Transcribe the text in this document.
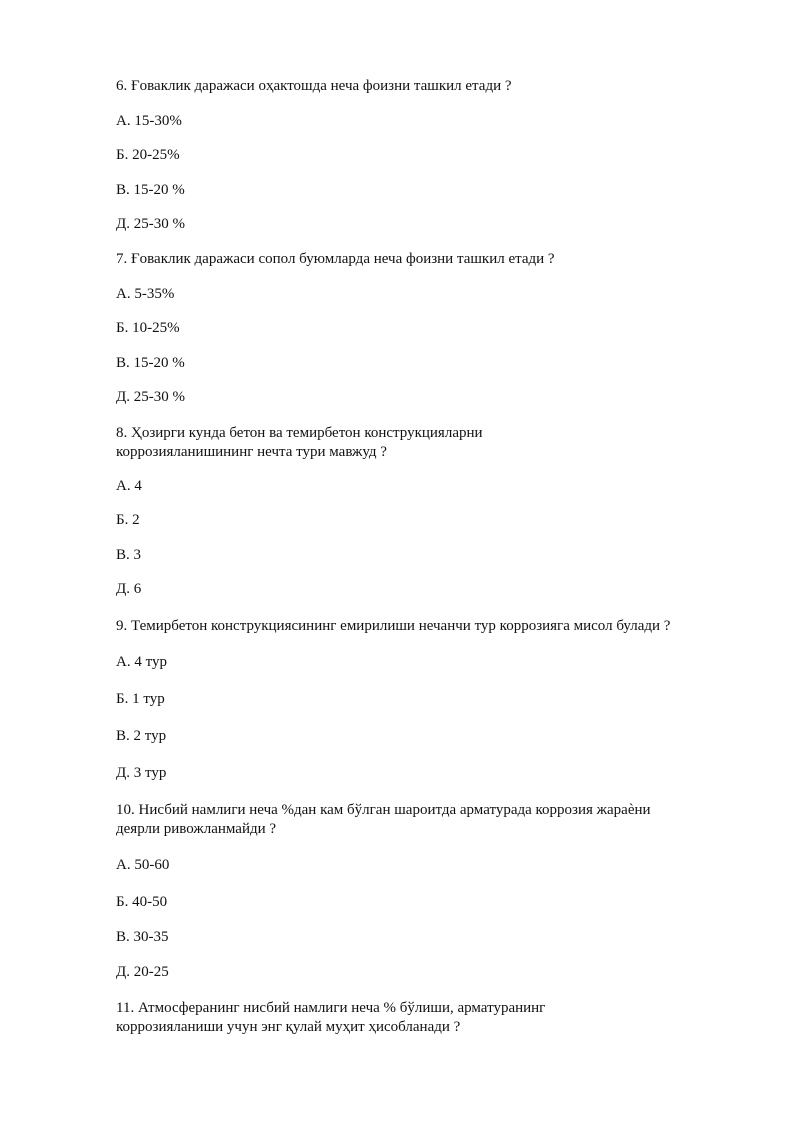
6. Ғоваклик даражаси оҳактошда неча фоизни ташкил етади ?
А. 15-30%
Б. 20-25%
В. 15-20 %
Д. 25-30 %
7. Ғоваклик даражаси сопол буюмларда неча фоизни ташкил етади ?
А. 5-35%
Б. 10-25%
В. 15-20 %
Д. 25-30 %
8. Ҳозирги кунда бетон ва темирбетон конструкцияларни
коррозияланишининг нечта тури мавжуд ?
А. 4
Б. 2
В. 3
Д. 6
9. Темирбетон конструкциясининг емирилиши нечанчи тур коррозияга мисол булади ?
А. 4 тур
Б. 1 тур
В. 2 тур
Д. 3 тур
10. Нисбий намлиги неча %дан кам бўлган шароитда арматурада коррозия жараѐни
деярли ривожланмайди ?
А. 50-60
Б. 40-50
В. 30-35
Д. 20-25
11. Атмосферанинг нисбий намлиги неча % бўлиши, арматуранинг
коррозияланиши учун энг қулай муҳит ҳисобланади ?
